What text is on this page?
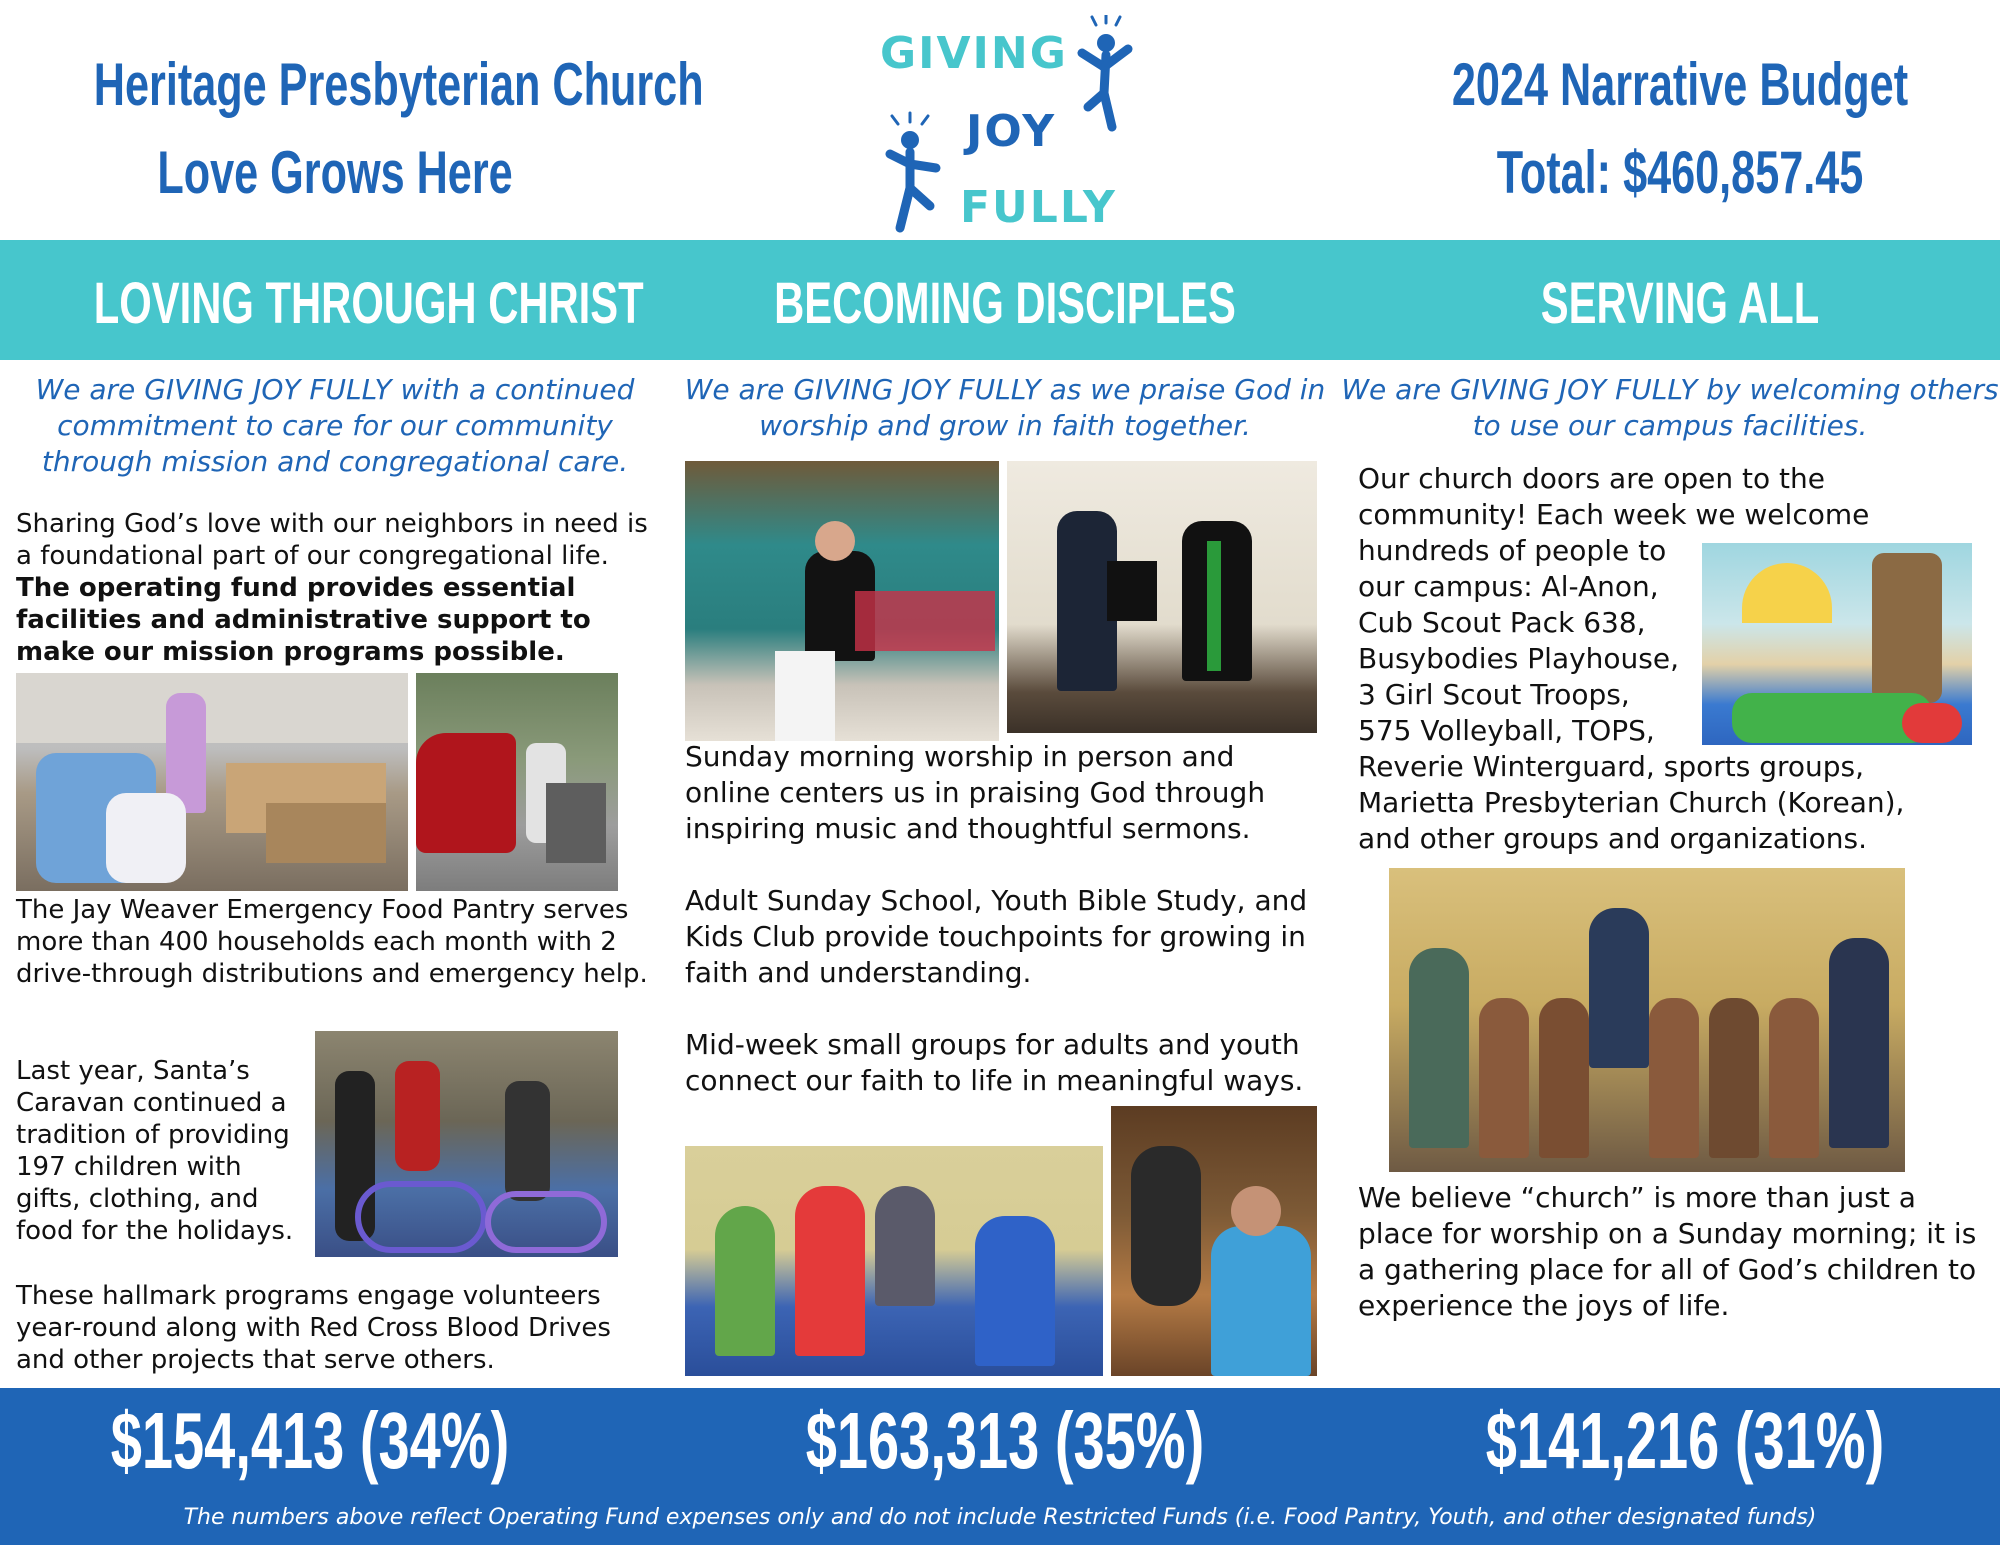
Heritage Presbyterian Church
Love Grows Here
2024 Narrative Budget
Total: $460,857.45
GIVING
JOY
FULLY
LOVING THROUGH CHRIST BECOMING DISCIPLES	SERVING ALL
We are GIVING JOY FULLY with a continued commitment to care for our community through mission and congregational care.
Sharing God’s love with our neighbors in need is a foundational part of our congregational life. The operating fund provides essential facilities and administrative support to make our mission programs possible.
The Jay Weaver Emergency Food Pantry serves more than 400 households each month with 2 drive-through distributions and emergency help.
Last year, Santa’s Caravan continued a tradition of providing 197 children with gifts, clothing, and food for the holidays.
These hallmark programs engage volunteers year-round along with Red Cross Blood Drives and other projects that serve others.
We are GIVING JOY FULLY as we praise God in worship and grow in faith together.
Sunday morning worship in person and online centers us in praising God through inspiring music and thoughtful sermons.
Adult Sunday School, Youth Bible Study, and Kids Club provide touchpoints for growing in faith and understanding.
Mid-week small groups for adults and youth connect our faith to life in meaningful ways.
We are GIVING JOY FULLY by welcoming others to use our campus facilities.
Our church doors are open to the
community! Each week we welcome
hundreds of people to
our campus: Al-Anon,
Cub Scout Pack 638,
Busybodies Playhouse,
3 Girl Scout Troops,
575 Volleyball, TOPS,
Reverie Winterguard, sports groups,
Marietta Presbyterian Church (Korean),
and other groups and organizations.
We believe “church” is more than just a place for worship on a Sunday morning; it is a gathering place for all of God’s children to experience the joys of life.
$154,413 (34%)	$163,313 (35%)	$141,216 (31%)
The numbers above reflect Operating Fund expenses only and do not include Restricted Funds (i.e. Food Pantry, Youth, and other designated funds)
